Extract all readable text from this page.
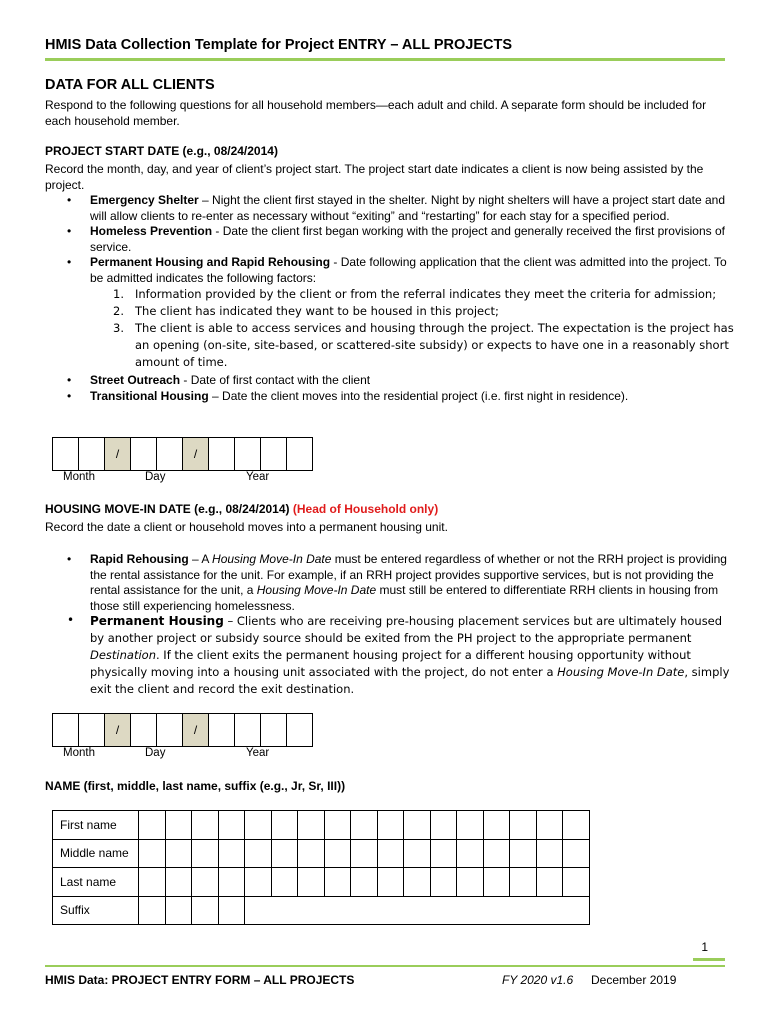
HMIS Data Collection Template for Project ENTRY – ALL PROJECTS
DATA FOR ALL CLIENTS
Respond to the following questions for all household members—each adult and child. A separate form should be included for each household member.
PROJECT START DATE (e.g., 08/24/2014)
Record the month, day, and year of client’s project start. The project start date indicates a client is now being assisted by the project.
• Emergency Shelter – Night the client first stayed in the shelter. Night by night shelters will have a project start date and will allow clients to re-enter as necessary without “exiting” and “restarting” for each stay for a specified period.
• Homeless Prevention - Date the client first began working with the project and generally received the first provisions of service.
• Permanent Housing and Rapid Rehousing - Date following application that the client was admitted into the project. To be admitted indicates the following factors:
1. Information provided by the client or from the referral indicates they meet the criteria for admission;
2. The client has indicated they want to be housed in this project;
3. The client is able to access services and housing through the project. The expectation is the project has an opening (on-site, site-based, or scattered-site subsidy) or expects to have one in a reasonably short amount of time.
• Street Outreach - Date of first contact with the client
• Transitional Housing – Date the client moves into the residential project (i.e. first night in residence).
		/			/				
Month	Day	Year
HOUSING MOVE-IN DATE (e.g., 08/24/2014) (Head of Household only)
Record the date a client or household moves into a permanent housing unit.
• Rapid Rehousing – A Housing Move-In Date must be entered regardless of whether or not the RRH project is providing the rental assistance for the unit. For example, if an RRH project provides supportive services, but is not providing the rental assistance for the unit, a Housing Move-In Date must still be entered to differentiate RRH clients in housing from those still experiencing homelessness.
• Permanent Housing – Clients who are receiving pre-housing placement services but are ultimately housed by another project or subsidy source should be exited from the PH project to the appropriate permanent Destination. If the client exits the permanent housing project for a different housing opportunity without physically moving into a housing unit associated with the project, do not enter a Housing Move-In Date, simply exit the client and record the exit destination.
		/			/				
Month	Day	Year
NAME (first, middle, last name, suffix (e.g., Jr, Sr, III))
First name																	
Middle name																	
Last name																	
Suffix																	
1
HMIS Data: PROJECT ENTRY FORM – ALL PROJECTS	FY 2020 v1.6 December 2019
